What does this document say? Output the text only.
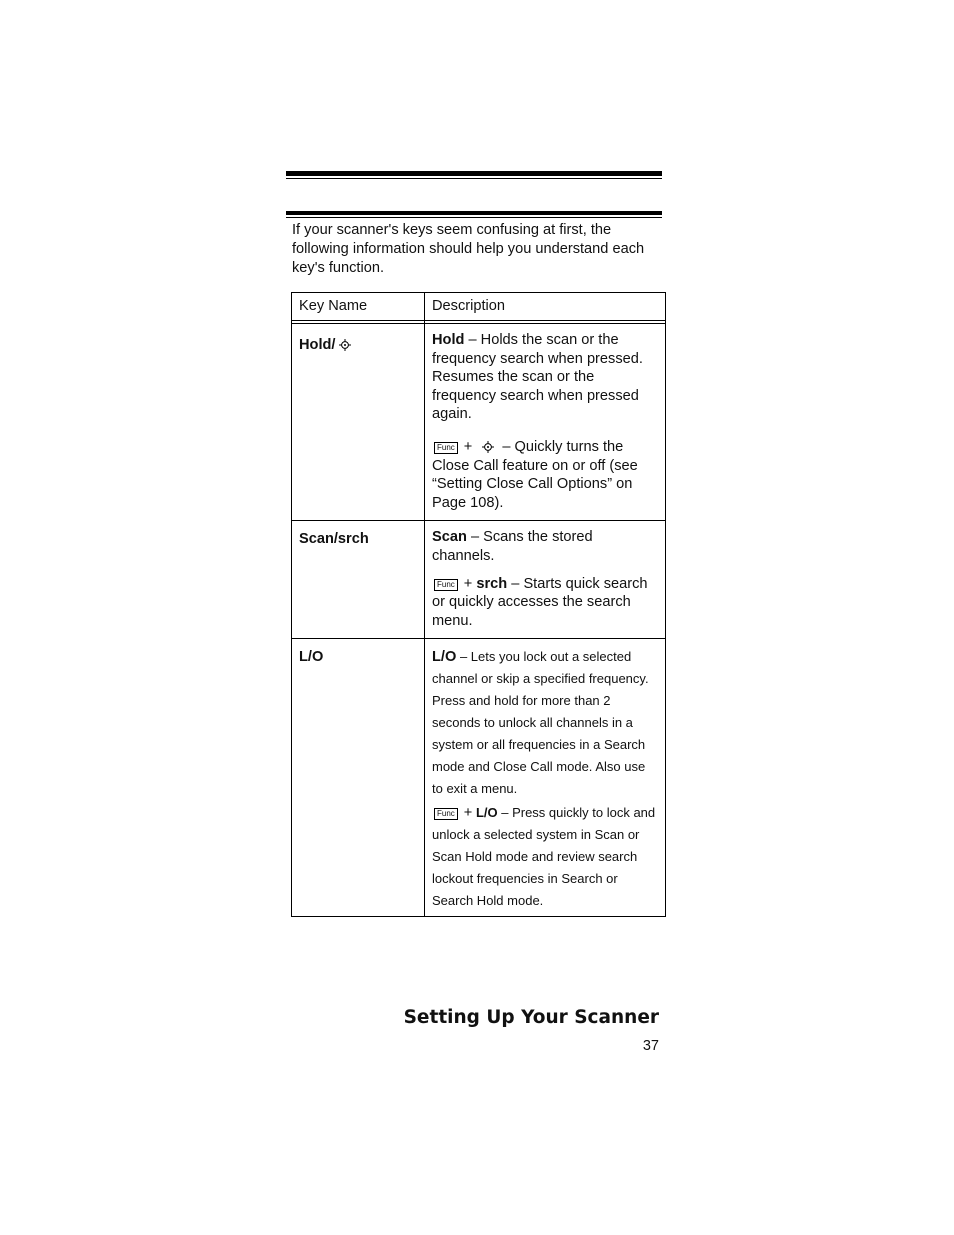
If your scanner's keys seem confusing at first, the following information should help you understand each key's function.
Key Name	Description

Hold/	Hold – Holds the scan or the frequency search when pressed. Resumes the scan or the frequency search when pressed again.

Func + – Quickly turns the Close Call feature on or off (see “Setting Close Call Options” on Page 108).

Scan/srch	Scan – Scans the stored channels.

Func + srch – Starts quick search or quickly accesses the search menu.

L/O	L/O – Lets you lock out a selected channel or skip a specified frequency. Press and hold for more than 2 seconds to unlock all channels in a system or all frequencies in a Search mode and Close Call mode. Also use to exit a menu.

Func + L/O – Press quickly to lock and unlock a selected system in Scan or Scan Hold mode and review search lockout frequencies in Search or Search Hold mode.

Setting Up Your Scanner
37
